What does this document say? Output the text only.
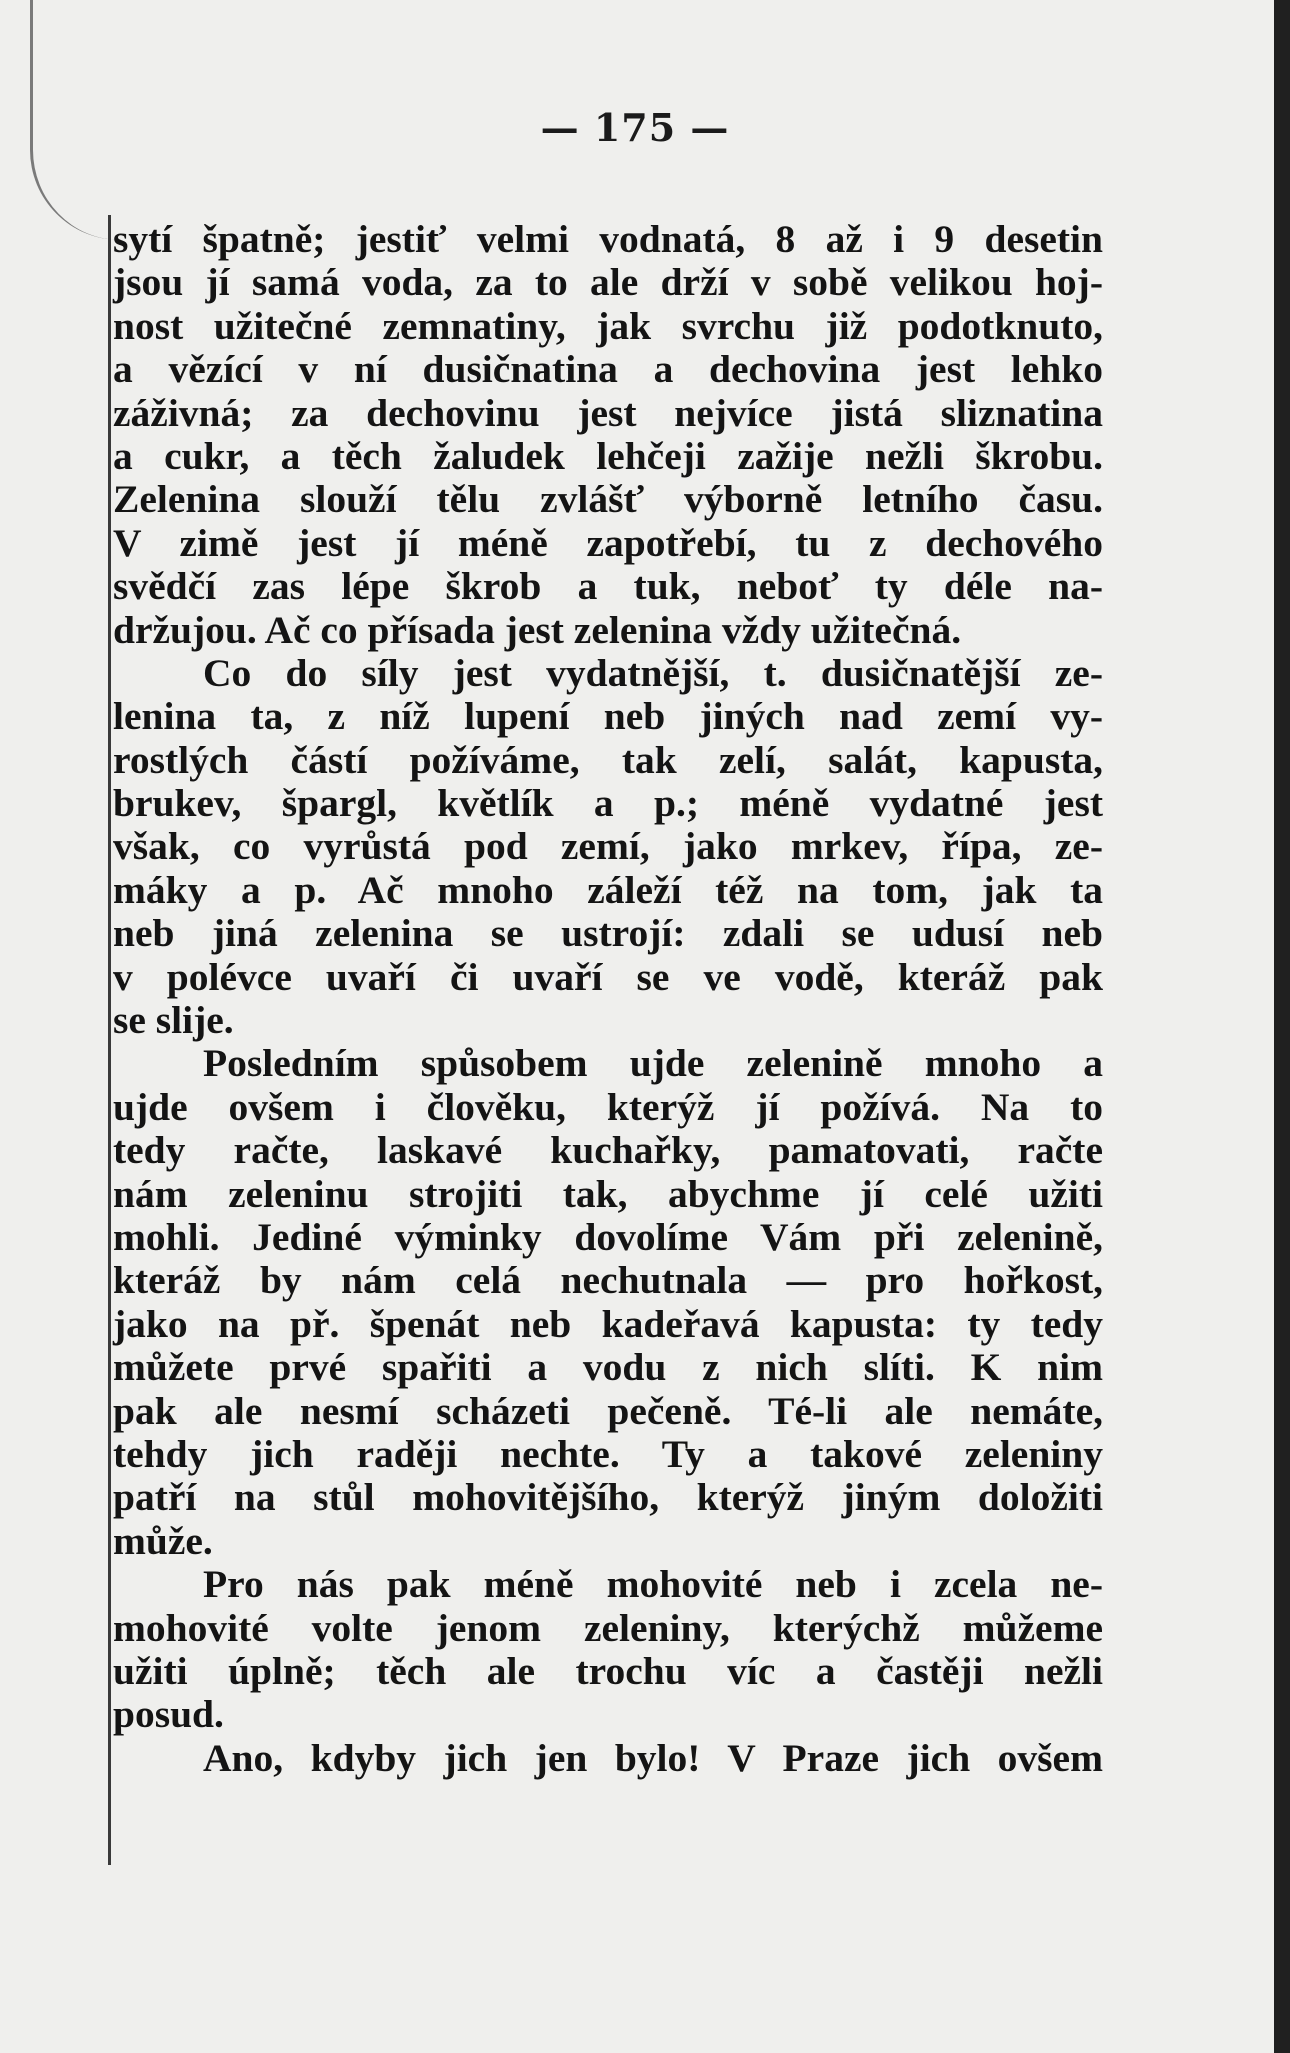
— 175 —
sytí špatně; jestiť velmi vodnatá, 8 až i 9 desetin
jsou jí samá voda, za to ale drží v sobě velikou hoj-
nost užitečné zemnatiny, jak svrchu již podotknuto,
a vězící v ní dusičnatina a dechovina jest lehko
záživná; za dechovinu jest nejvíce jistá sliznatina
a cukr, a těch žaludek lehčeji zažije nežli škrobu.
Zelenina slouží tělu zvlášť výborně letního času.
V zimě jest jí méně zapotřebí, tu z dechového
svědčí zas lépe škrob a tuk, neboť ty déle na-
držujou. Ač co přísada jest zelenina vždy užitečná.
Co do síly jest vydatnější, t. dusičnatější ze-
lenina ta, z níž lupení neb jiných nad zemí vy-
rostlých částí požíváme, tak zelí, salát, kapusta,
brukev, špargl, květlík a p.; méně vydatné jest
však, co vyrůstá pod zemí, jako mrkev, řípa, ze-
máky a p. Ač mnoho záleží též na tom, jak ta
neb jiná zelenina se ustrojí: zdali se udusí neb
v polévce uvaří či uvaří se ve vodě, kteráž pak
se slije.
Posledním spůsobem ujde zelenině mnoho a
ujde ovšem i člověku, kterýž jí požívá. Na to
tedy račte, laskavé kuchařky, pamatovati, račte
nám zeleninu strojiti tak, abychme jí celé užiti
mohli. Jediné výminky dovolíme Vám při zelenině,
kteráž by nám celá nechutnala — pro hořkost,
jako na př. špenát neb kadeřavá kapusta: ty tedy
můžete prvé spařiti a vodu z nich slíti. K nim
pak ale nesmí scházeti pečeně. Té-li ale nemáte,
tehdy jich raději nechte. Ty a takové zeleniny
patří na stůl mohovitějšího, kterýž jiným doložiti
může.
Pro nás pak méně mohovité neb i zcela ne-
mohovité volte jenom zeleniny, kterýchž můžeme
užiti úplně; těch ale trochu víc a častěji nežli
posud.
Ano, kdyby jich jen bylo! V Praze jich ovšem
